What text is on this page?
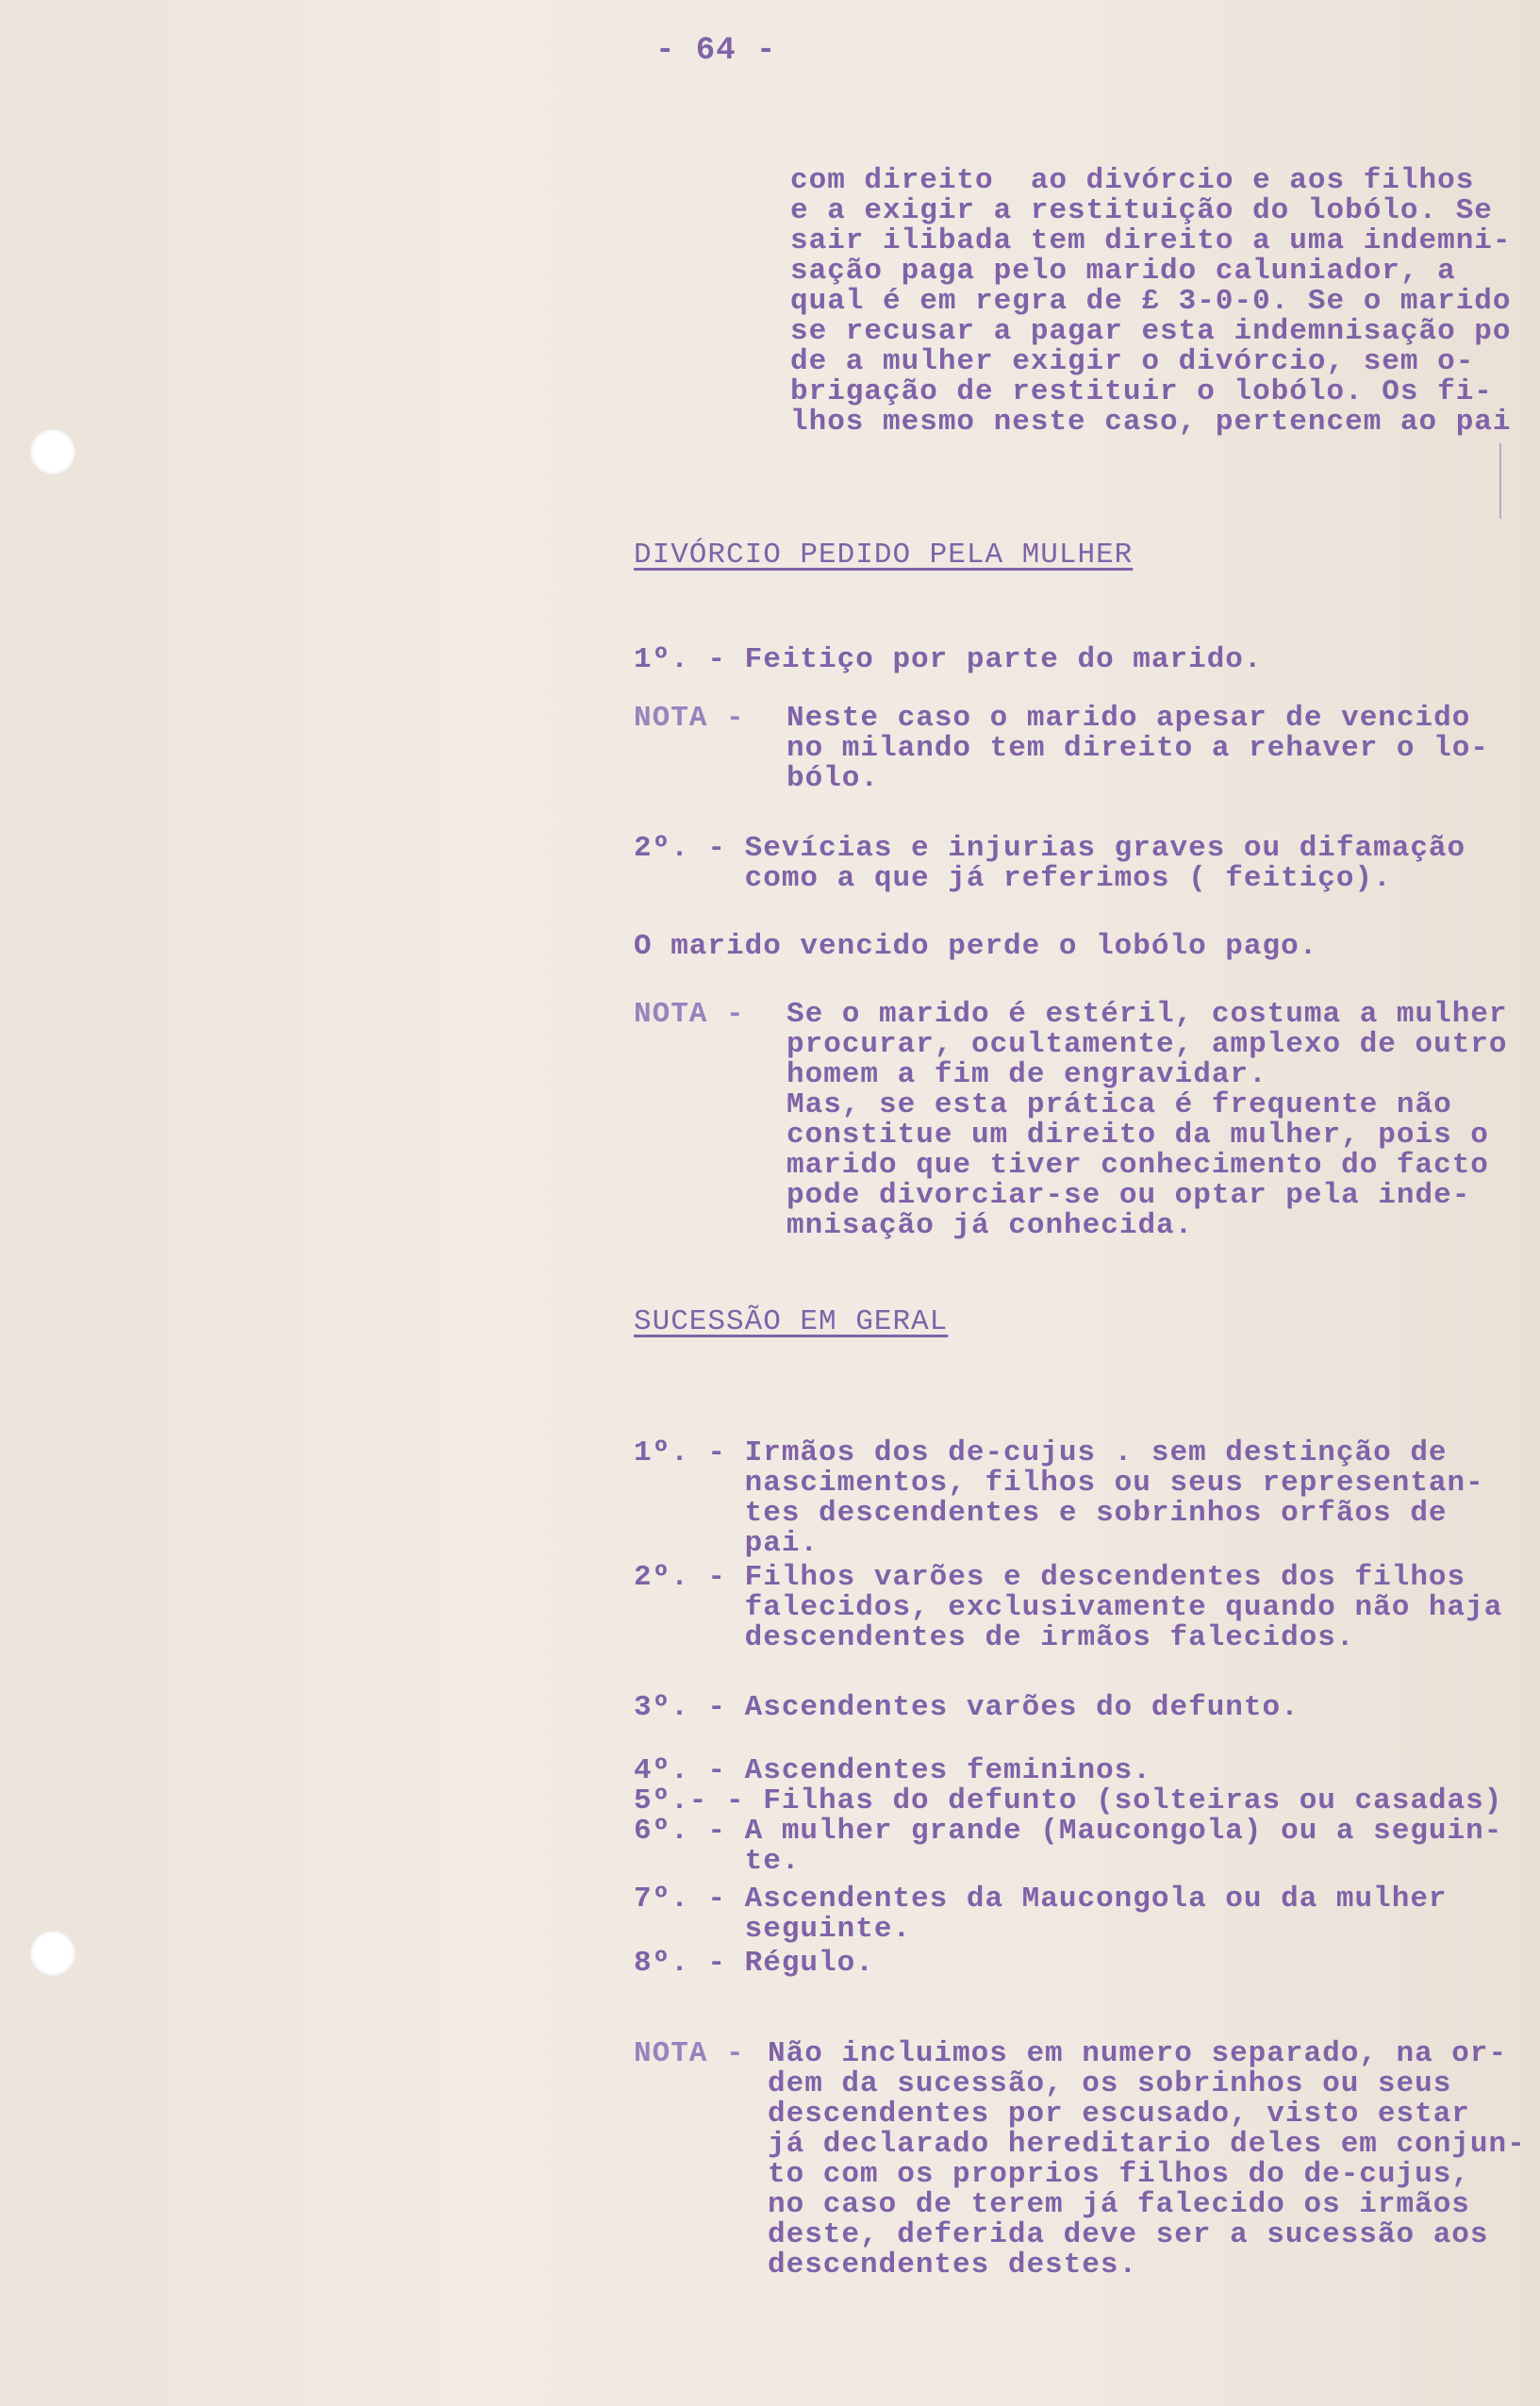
- 64 -
com direito  ao divórcio e aos filhos
e a exigir a restituição do lobólo. Se
sair ilibada tem direito a uma indemni-
sação paga pelo marido caluniador, a
qual é em regra de £ 3-0-0. Se o marido
se recusar a pagar esta indemnisação po
de a mulher exigir o divórcio, sem o-
brigação de restituir o lobólo. Os fi-
lhos mesmo neste caso, pertencem ao pai
DIVÓRCIO PEDIDO PELA MULHER
1º. - Feitiço por parte do marido.
NOTA - Neste caso o marido apesar de vencido
no milando tem direito a rehaver o lo-
bólo.
2º. - Sevícias e injurias graves ou difamação
como a que já referimos ( feitiço).
O marido vencido perde o lobólo pago.
NOTA - Se o marido é estéril, costuma a mulher
procurar, ocultamente, amplexo de outro
homem a fim de engravidar.
Mas, se esta prática é frequente não
constitue um direito da mulher, pois o
marido que tiver conhecimento do facto
pode divorciar-se ou optar pela inde-
mnisação já conhecida.
SUCESSÃO EM GERAL
1º. - Irmãos dos de-cujus . sem destinção de
nascimentos, filhos ou seus representan-
tes descendentes e sobrinhos orfãos de
pai.
2º. - Filhos varões e descendentes dos filhos
falecidos, exclusivamente quando não haja
descendentes de irmãos falecidos.
3º. - Ascendentes varões do defunto.
4º. - Ascendentes femininos.
5º.- - Filhas do defunto (solteiras ou casadas)
6º. - A mulher grande (Maucongola) ou a seguin-
te.
7º. - Ascendentes da Maucongola ou da mulher
seguinte.
8º. - Régulo.
NOTA - Não incluimos em numero separado, na or-
dem da sucessão, os sobrinhos ou seus
descendentes por escusado, visto estar
já declarado hereditario deles em conjun-
to com os proprios filhos do de-cujus,
no caso de terem já falecido os irmãos
deste, deferida deve ser a sucessão aos
descendentes destes.
